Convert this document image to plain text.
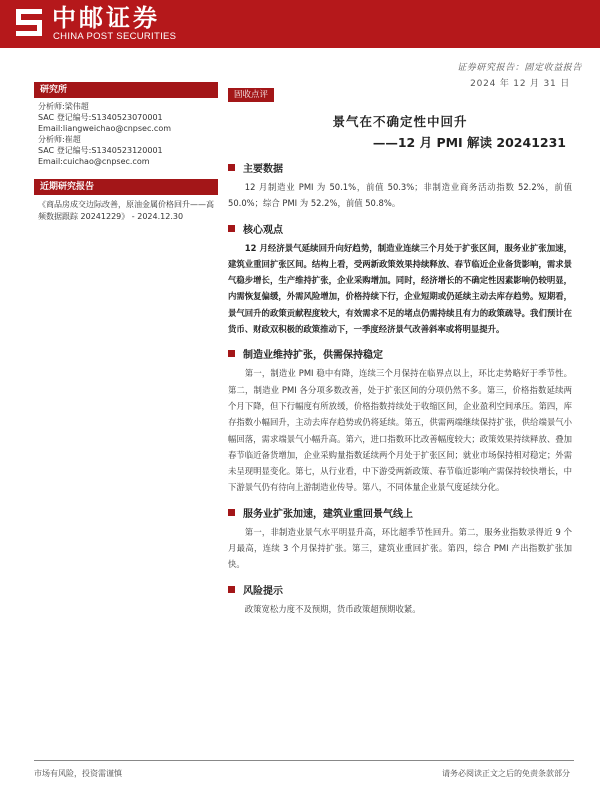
中邮证券
CHINA POST SECURITIES
证券研究报告：固定收益报告
2024 年 12 月 31 日
研究所
分析师:梁伟超
SAC 登记编号:S1340523070001
Email:liangweichao@cnpsec.com
分析师:崔超
SAC 登记编号:S1340523120001
Email:cuichao@cnpsec.com
近期研究报告
《商品房成交边际改善，原油金属价格回升——高频数据跟踪 20241229》 - 2024.12.30
固收点评
景气在不确定性中回升
——12 月 PMI 解读 20241231
主要数据
12 月制造业 PMI 为 50.1%，前值 50.3%；非制造业商务活动指数 52.2%，前值 50.0%；综合 PMI 为 52.2%，前值 50.8%。
核心观点
12 月经济景气延续回升向好趋势，制造业连续三个月处于扩张区间，服务业扩张加速，建筑业重回扩张区间。结构上看，受两新政策效果持续释放、春节临近企业备货影响，需求景气稳步增长，生产维持扩张，企业采购增加。同时，经济增长的不确定性因素影响仍较明显，内需恢复偏缓，外需风险增加，价格持续下行，企业短期或仍延续主动去库存趋势。短期看，景气回升的政策贡献程度较大，有效需求不足的堵点仍需持续且有力的政策疏导。我们预计在货币、财政双积极的政策推动下，一季度经济景气改善斜率或将明显提升。
制造业维持扩张，供需保持稳定
第一，制造业 PMI 稳中有降，连续三个月保持在临界点以上，环比走势略好于季节性。第二，制造业 PMI 各分项多数改善，处于扩张区间的分项仍然不多。第三，价格指数延续两个月下降，但下行幅度有所放缓，价格指数持续处于收缩区间，企业盈利空间承压。第四，库存指数小幅回升，主动去库存趋势或仍将延续。第五，供需两端继续保持扩张，供给端景气小幅回落，需求端景气小幅升高。第六，进口指数环比改善幅度较大；政策效果持续释放、叠加春节临近备货增加，企业采购量指数延续两个月处于扩张区间；就业市场保持相对稳定；外需未呈现明显变化。第七，从行业看，中下游受两新政策、春节临近影响产需保持较快增长，中下游景气仍有待向上游制造业传导。第八，不同体量企业景气度延续分化。
服务业扩张加速，建筑业重回景气线上
第一，非制造业景气水平明显升高，环比超季节性回升。第二，服务业指数录得近 9 个月最高，连续 3 个月保持扩张。第三，建筑业重回扩张。第四，综合 PMI 产出指数扩张加快。
风险提示
政策宽松力度不及预期，货币政策超预期收紧。
市场有风险，投资需谨慎	请务必阅读正文之后的免责条款部分
